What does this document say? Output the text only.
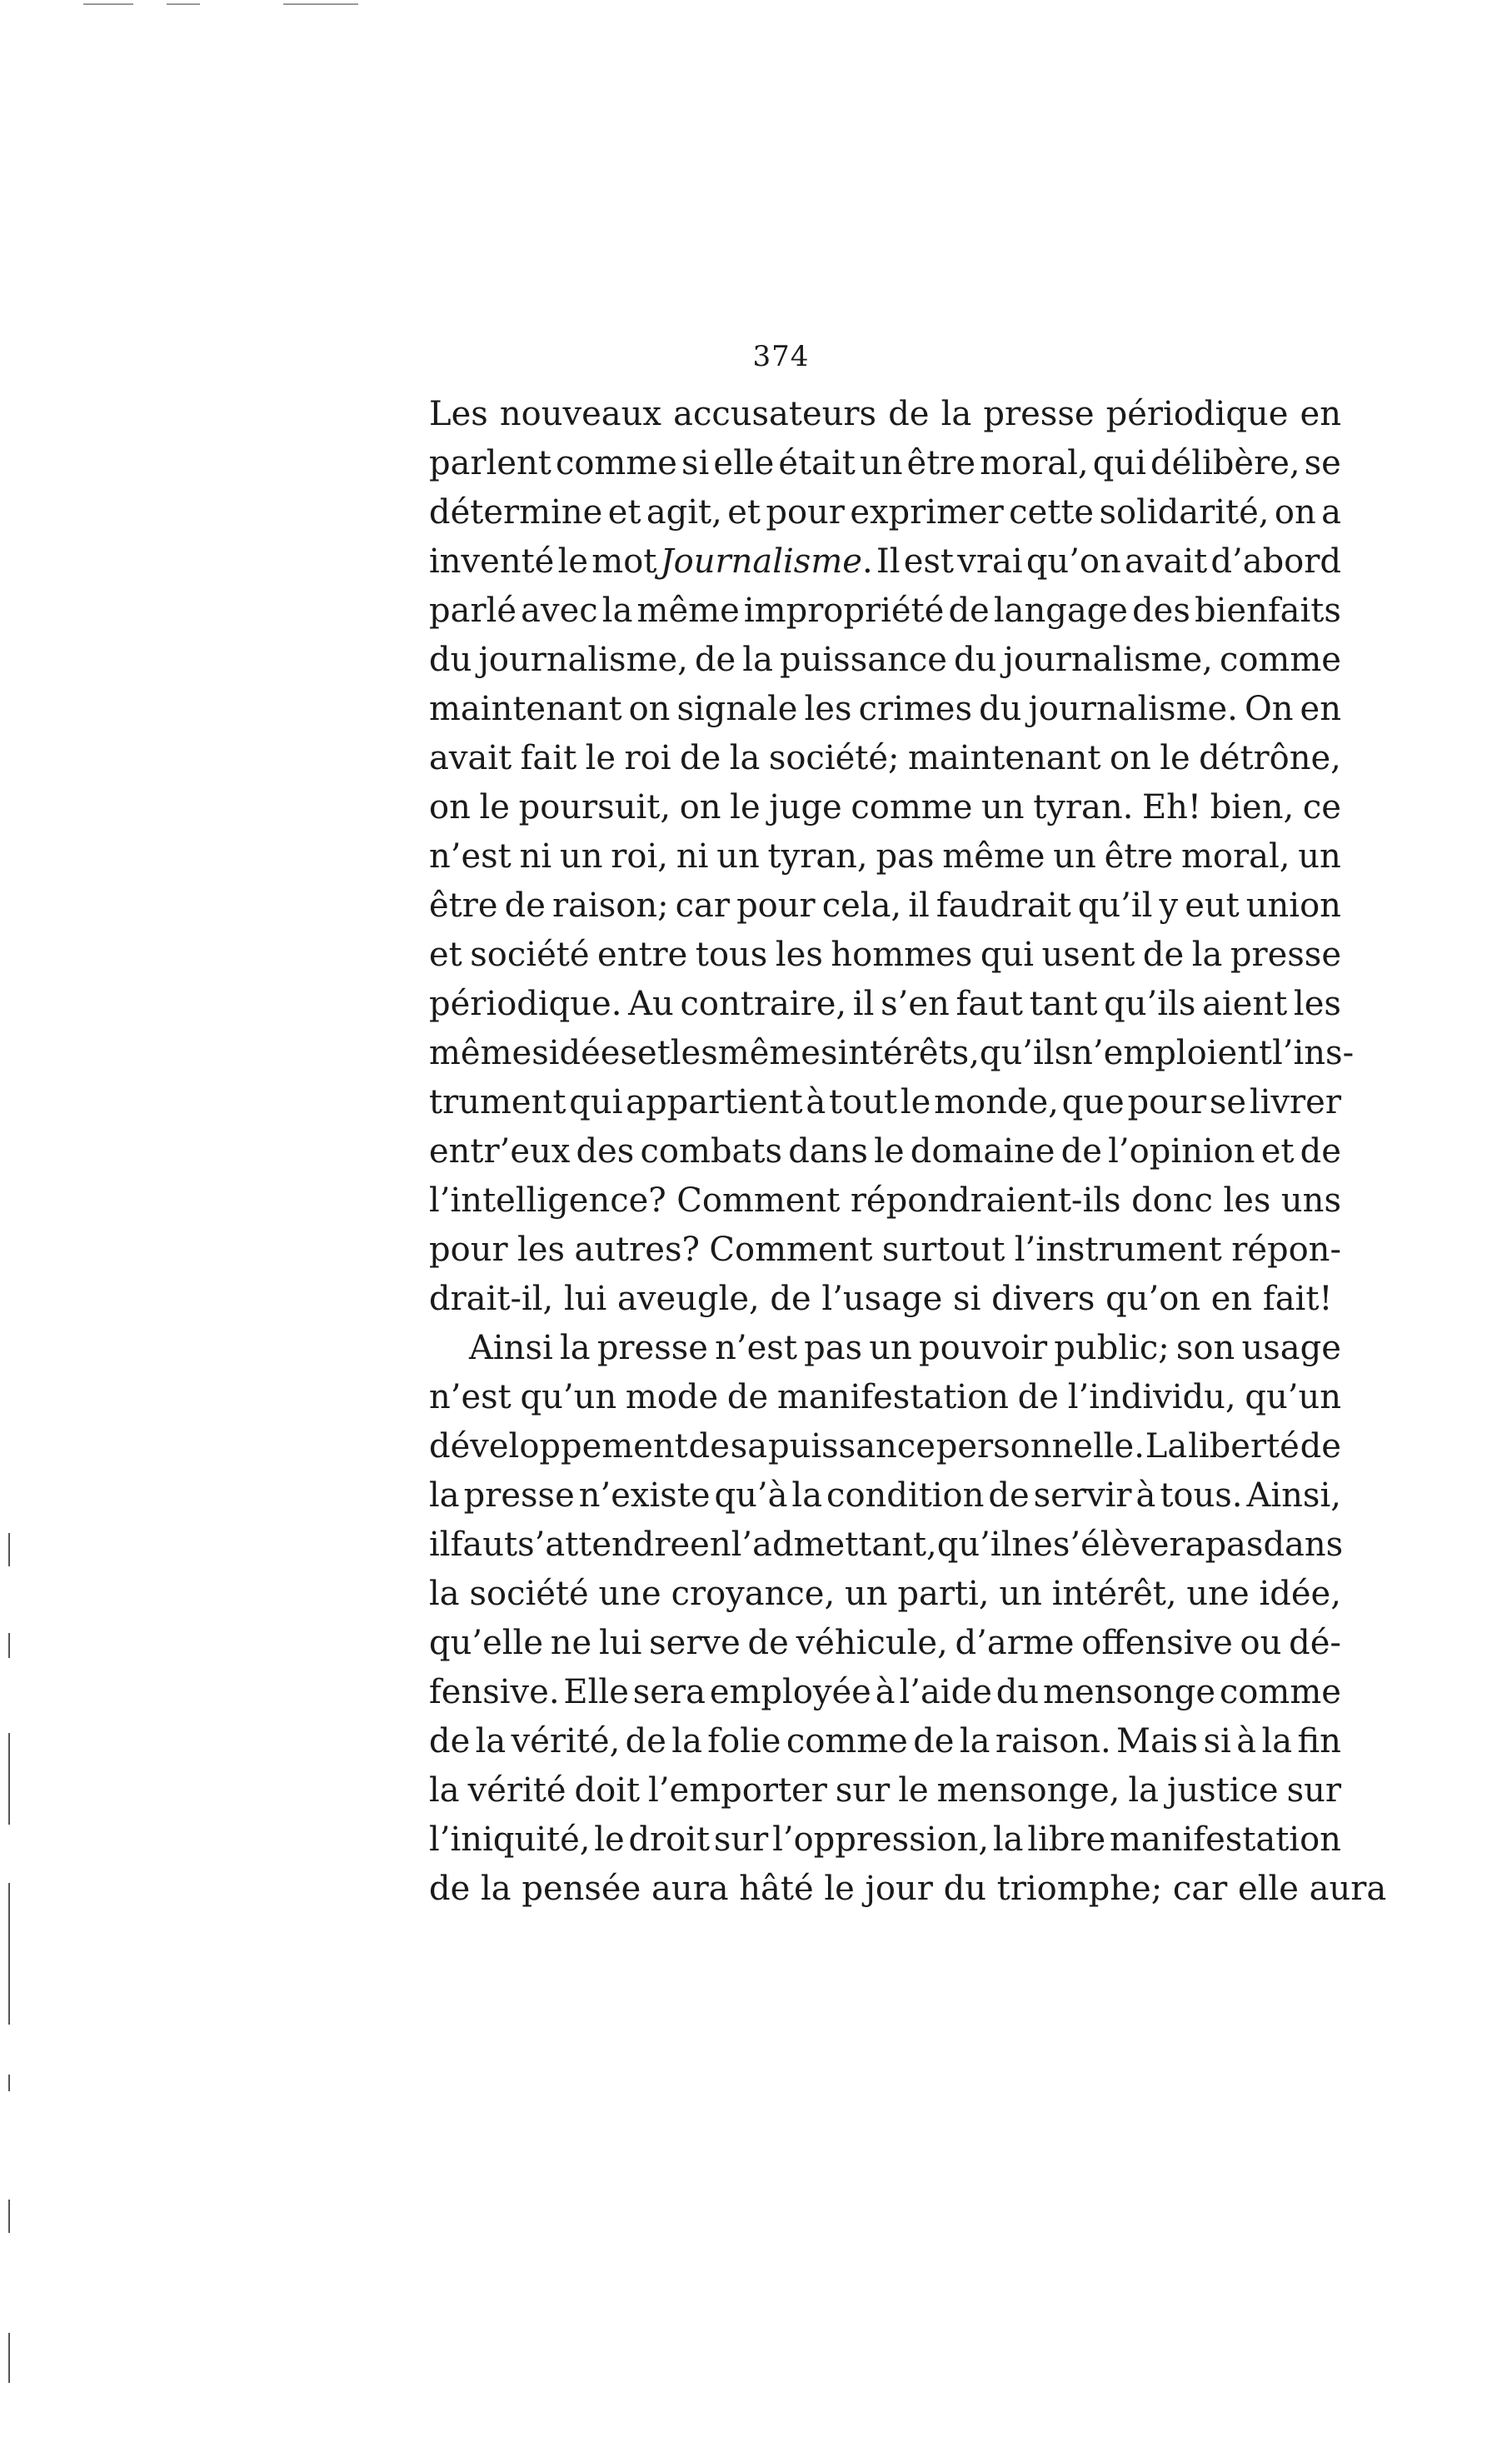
374
Les nouveaux accusateurs de la presse périodique en
parlent comme si elle était un être moral, qui délibère, se
détermine et agit, et pour exprimer cette solidarité, on a
inventé le mot Journalisme. Il est vrai qu’on avait d’abord
parlé avec la même impropriété de langage des bienfaits
du journalisme, de la puissance du journalisme, comme
maintenant on signale les crimes du journalisme. On en
avait fait le roi de la société; maintenant on le détrône,
on le poursuit, on le juge comme un tyran. Eh! bien, ce
n’est ni un roi, ni un tyran, pas même un être moral, un
être de raison; car pour cela, il faudrait qu’il y eut union
et société entre tous les hommes qui usent de la presse
périodique. Au contraire, il s’en faut tant qu’ils aient les
mêmes idées et les mêmes intérêts, qu’ils n’emploient l’ins-
trument qui appartient à tout le monde, que pour se livrer
entr’eux des combats dans le domaine de l’opinion et de
l’intelligence? Comment répondraient-ils donc les uns
pour les autres? Comment surtout l’instrument répon-
drait-il, lui aveugle, de l’usage si divers qu’on en fait!
Ainsi la presse n’est pas un pouvoir public; son usage
n’est qu’un mode de manifestation de l’individu, qu’un
développement de sa puissance personnelle. La liberté de
la presse n’existe qu’à la condition de servir à tous. Ainsi,
il faut s’attendre en l’admettant, qu’il ne s’élèvera pas dans
la société une croyance, un parti, un intérêt, une idée,
qu’elle ne lui serve de véhicule, d’arme offensive ou dé-
fensive. Elle sera employée à l’aide du mensonge comme
de la vérité, de la folie comme de la raison. Mais si à la fin
la vérité doit l’emporter sur le mensonge, la justice sur
l’iniquité, le droit sur l’oppression, la libre manifestation
de la pensée aura hâté le jour du triomphe; car elle aura
